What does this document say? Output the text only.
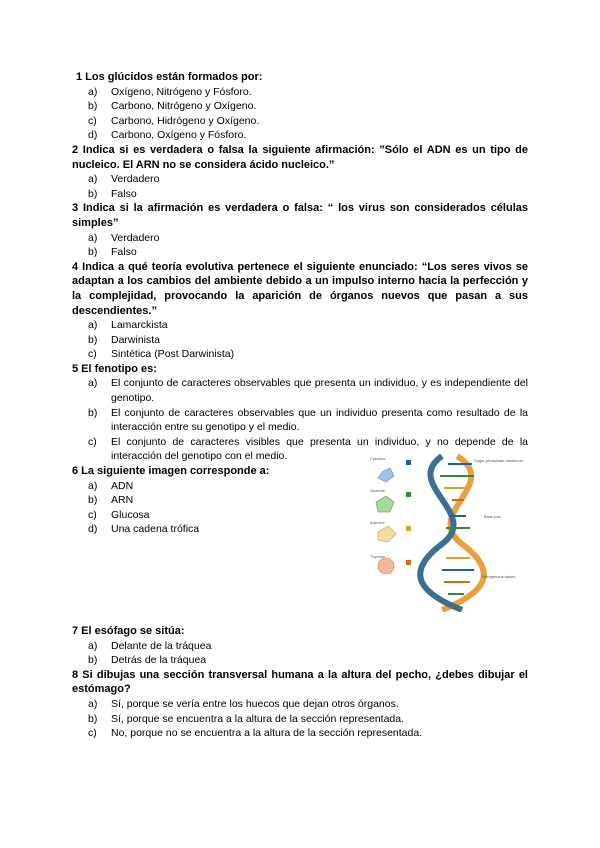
1 Los glúcidos están formados por:
a)	Oxígeno, Nitrógeno y Fósforo.
b)	Carbono, Nitrógeno y Oxígeno.
c)	Carbono, Hidrógeno y Oxígeno.
d)	Carbono, Oxígeno y Fósforo.
2 Indica si es verdadera o falsa la siguiente afirmación: ”Sólo el ADN es un tipo de nucleico. El ARN no se considera ácido nucleico.”
a)	Verdadero
b)	Falso
3 Indica si la afirmación es verdadera o falsa: “ los virus son considerados células simples”
a)	Verdadero
b)	Falso
4 Indica a qué teoría evolutiva pertenece el siguiente enunciado: “Los seres vivos se adaptan a los cambios del ambiente debido a un impulso interno hacia la perfección y la complejidad, provocando la aparición de órganos nuevos que pasan a sus descendientes.”
a)	Lamarckista
b)	Darwinista
c)	Sintética (Post Darwinista)
5 El fenotipo es:
a)	El conjunto de caracteres observables que presenta un individuo, y es independiente del genotipo.
b)	El conjunto de caracteres observables que un individuo presenta como resultado de la interacción entre su genotipo y el medio.
c)	El conjunto de caracteres visibles que presenta un individuo, y no depende de la interacción del genotipo con el medio.
6 La siguiente imagen corresponde a:
a)	ADN
b)	ARN
c)	Glucosa
d)	Una cadena trófica
Cytosine
Guanine
Adenine
Thymine
Sugar phosphate backbone
Base pair
Nitrogenous bases
7 El esófago se sitúa:
a)	Delante de la tráquea
b)	Detrás de la tráquea
8 Si dibujas una sección transversal humana a la altura del pecho, ¿debes dibujar el estómago?
a)	Sí, porque se vería entre los huecos que dejan otros órganos.
b)	Sí, porque se encuentra a la altura de la sección representada.
c)	No, porque no se encuentra a la altura de la sección representada.
